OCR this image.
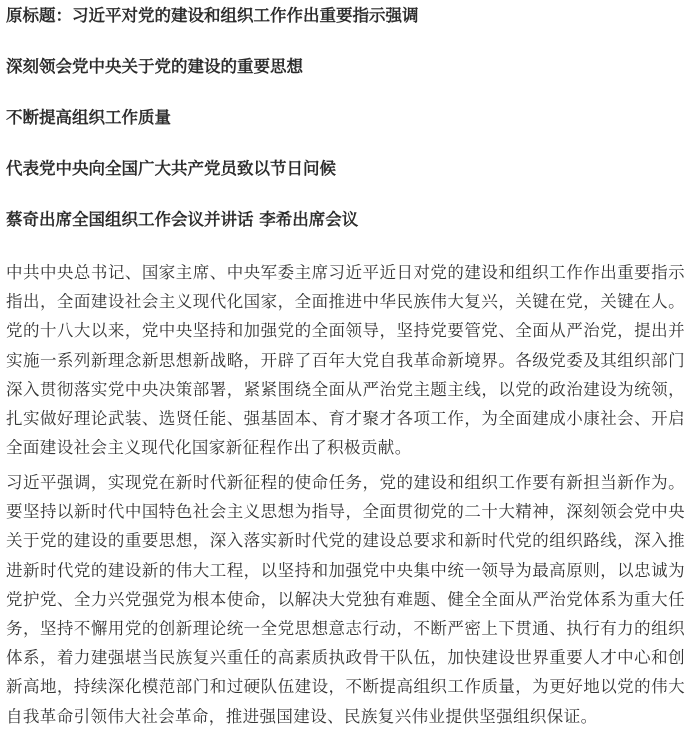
原标题：习近平对党的建设和组织工作作出重要指示强调
深刻领会党中央关于党的建设的重要思想
不断提高组织工作质量
代表党中央向全国广大共产党员致以节日问候
蔡奇出席全国组织工作会议并讲话 李希出席会议

中共中央总书记、国家主席、中央军委主席习近平近日对党的建设和组织工作作出重要指示指出，全面建设社会主义现代化国家，全面推进中华民族伟大复兴，关键在党，关键在人。党的十八大以来，党中央坚持和加强党的全面领导，坚持党要管党、全面从严治党，提出并实施一系列新理念新思想新战略，开辟了百年大党自我革命新境界。各级党委及其组织部门深入贯彻落实党中央决策部署，紧紧围绕全面从严治党主题主线，以党的政治建设为统领，扎实做好理论武装、选贤任能、强基固本、育才聚才各项工作，为全面建成小康社会、开启全面建设社会主义现代化国家新征程作出了积极贡献。

习近平强调，实现党在新时代新征程的使命任务，党的建设和组织工作要有新担当新作为。要坚持以新时代中国特色社会主义思想为指导，全面贯彻党的二十大精神，深刻领会党中央关于党的建设的重要思想，深入落实新时代党的建设总要求和新时代党的组织路线，深入推进新时代党的建设新的伟大工程，以坚持和加强党中央集中统一领导为最高原则，以忠诚为党护党、全力兴党强党为根本使命，以解决大党独有难题、健全全面从严治党体系为重大任务，坚持不懈用党的创新理论统一全党思想意志行动，不断严密上下贯通、执行有力的组织体系，着力建强堪当民族复兴重任的高素质执政骨干队伍，加快建设世界重要人才中心和创新高地，持续深化模范部门和过硬队伍建设，不断提高组织工作质量，为更好地以党的伟大自我革命引领伟大社会革命，推进强国建设、民族复兴伟业提供坚强组织保证。
